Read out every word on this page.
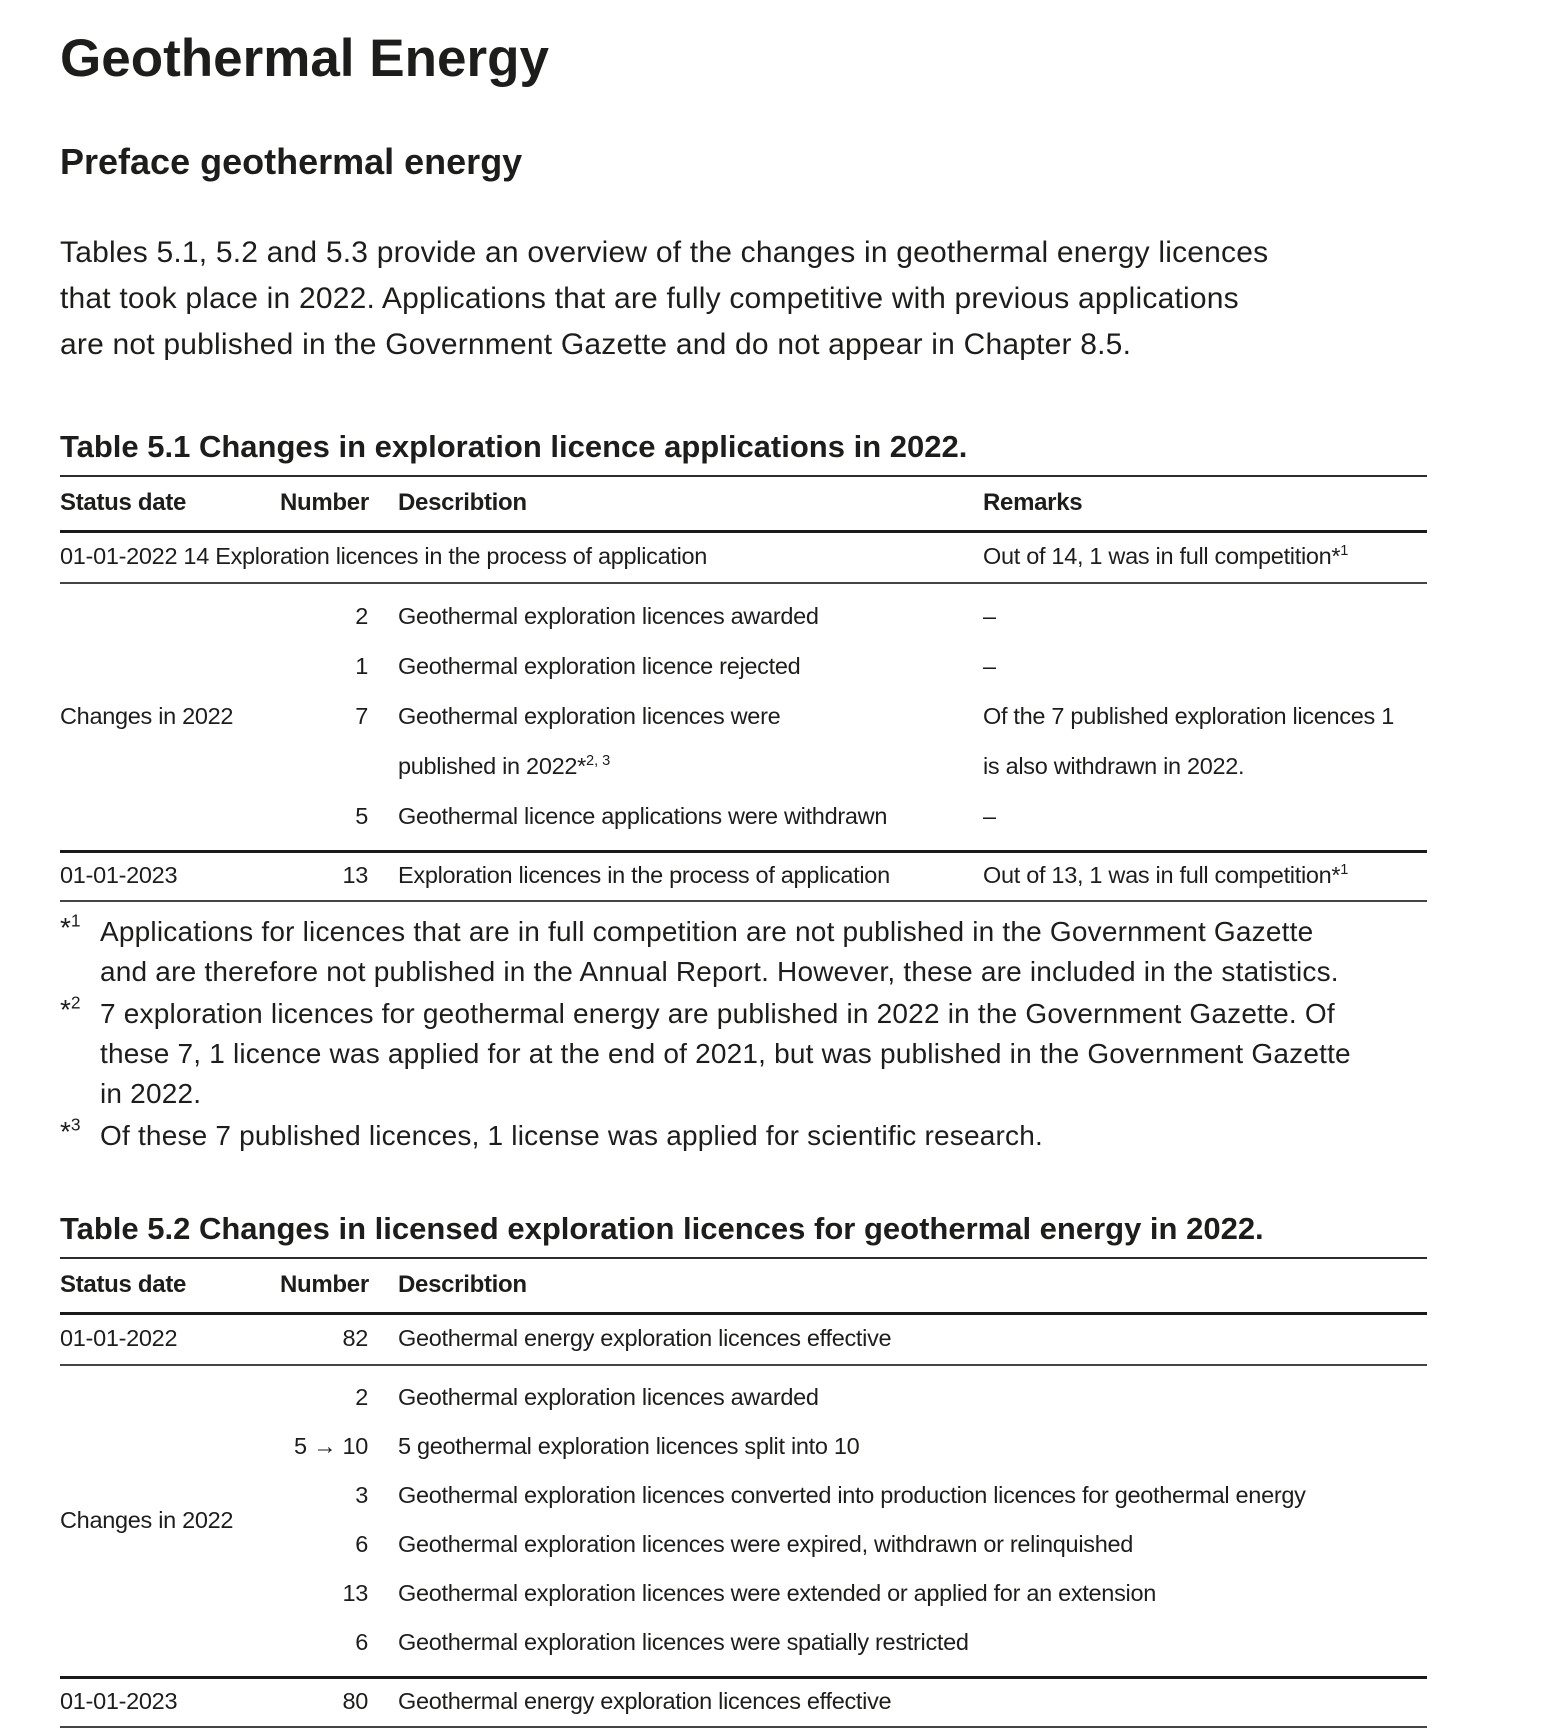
Geothermal Energy
Preface geothermal energy
Tables 5.1, 5.2 and 5.3 provide an overview of the changes in geothermal energy licences
that took place in 2022. Applications that are fully competitive with previous applications
are not published in the Government Gazette and do not appear in Chapter 8.5.
Table 5.1 Changes in exploration licence applications in 2022.
Status date	Number	Describtion	Remarks
01-01-2022 14 Exploration licences in the process of application	Out of 14, 1 was in full competition*$^1$
Changes in 2022
2	Geothermal exploration licences awarded	–
1	Geothermal exploration licence rejected	–
7	Geothermal exploration licences were	Of the 7 published exploration licences 1
published in 2022*$^{2, 3}$	is also withdrawn in 2022.
5	Geothermal licence applications were withdrawn	–
01-01-2023	13	Exploration licences in the process of application	Out of 13, 1 was in full competition*$^1$
*$^1$ Applications for licences that are in full competition are not published in the Government Gazette
and are therefore not published in the Annual Report. However, these are included in the statistics.
*$^2$ 7 exploration licences for geothermal energy are published in 2022 in the Government Gazette. Of
these 7, 1 licence was applied for at the end of 2021, but was published in the Government Gazette
in 2022.
*$^3$ Of these 7 published licences, 1 license was applied for scientific research.
Table 5.2 Changes in licensed exploration licences for geothermal energy in 2022.
Status date	Number	Describtion
01-01-2022	82	Geothermal energy exploration licences effective
Changes in 2022
2	Geothermal exploration licences awarded
5 → 10	5 geothermal exploration licences split into 10
3	Geothermal exploration licences converted into production licences for geothermal energy
6	Geothermal exploration licences were expired, withdrawn or relinquished
13	Geothermal exploration licences were extended or applied for an extension
6	Geothermal exploration licences were spatially restricted
01-01-2023	80	Geothermal energy exploration licences effective
